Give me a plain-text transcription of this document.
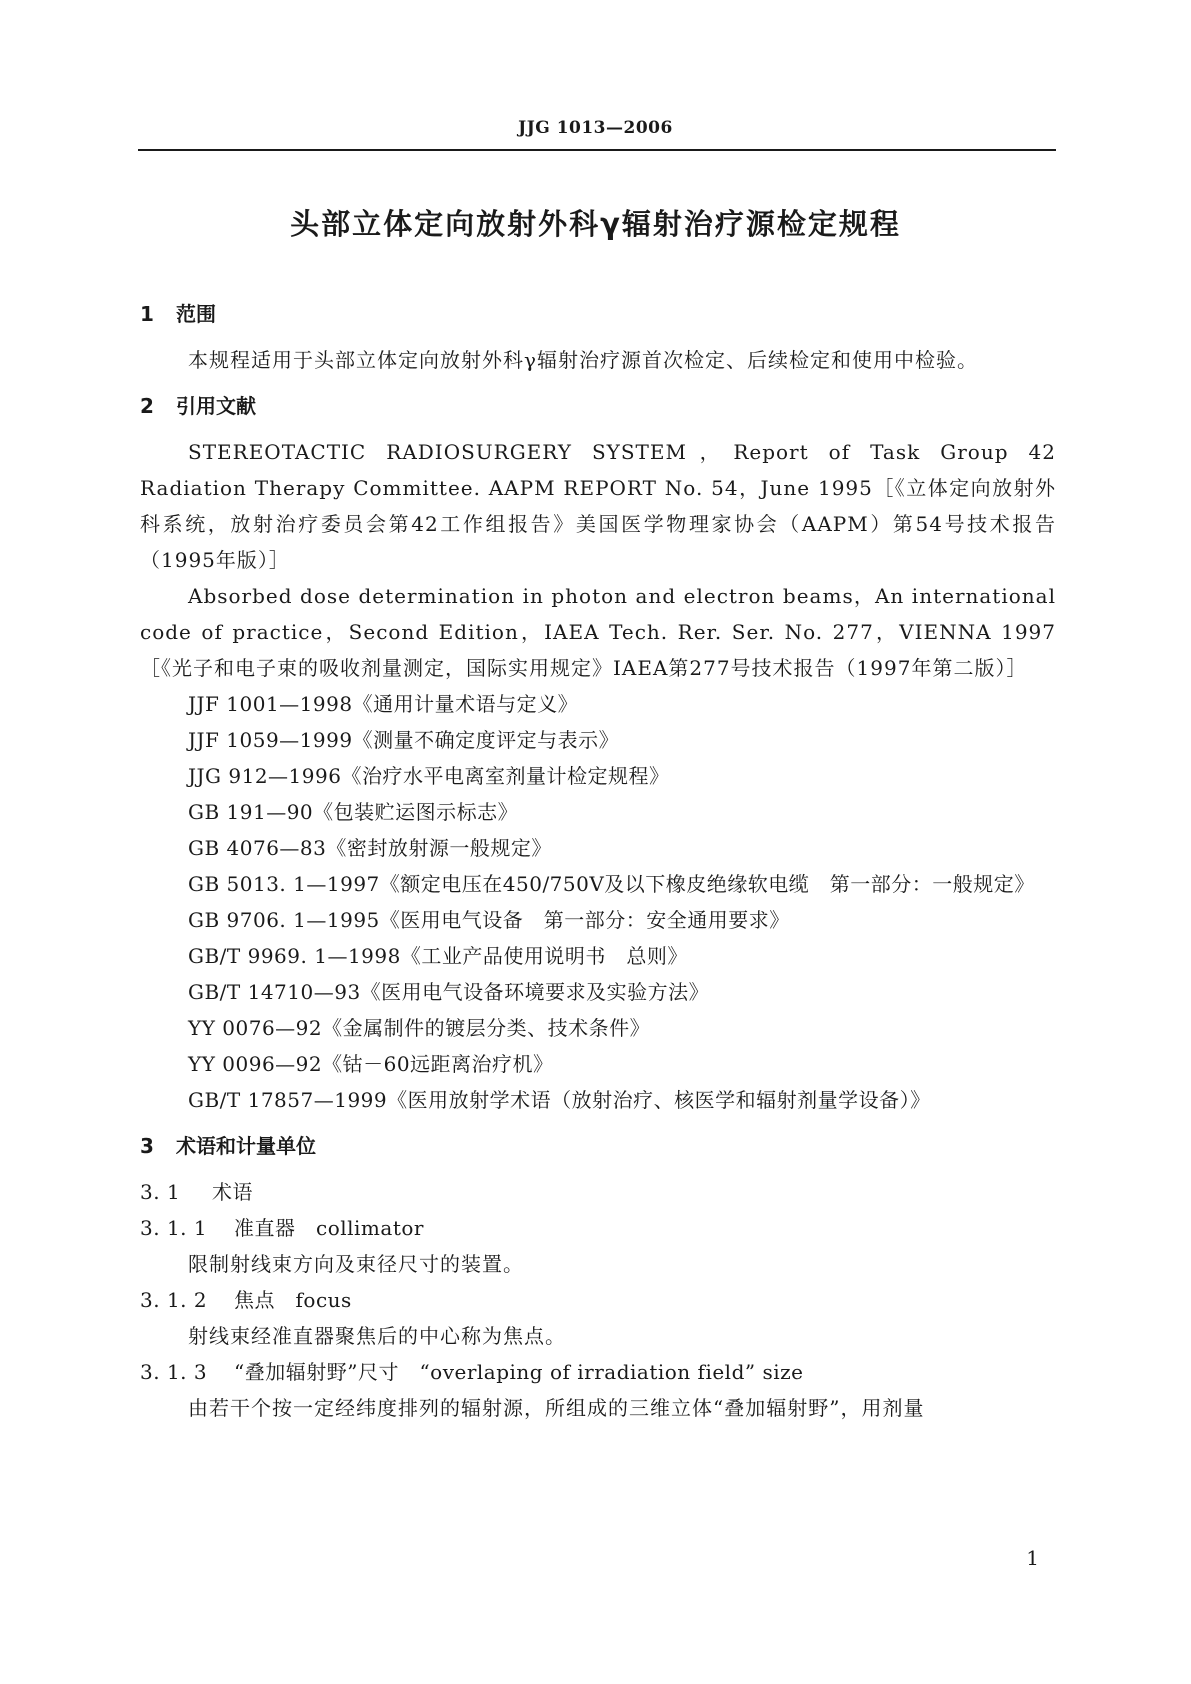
JJG 1013—2006
头部立体定向放射外科γ辐射治疗源检定规程
1 范围

本规程适用于头部立体定向放射外科γ辐射治疗源首次检定、后续检定和使用中检验。

2 引用文献

STEREOTACTIC RADIOSURGERY SYSTEM，Report of Task Group 42 Radiation Therapy Committee. AAPM REPORT No. 54，June 1995［《立体定向放射外科系统，放射治疗委员会第42工作组报告》美国医学物理家协会（AAPM）第54号技术报告（1995年版）］

Absorbed dose determination in photon and electron beams，An international code of practice，Second Edition，IAEA Tech. Rer. Ser. No. 277，VIENNA 1997［《光子和电子束的吸收剂量测定，国际实用规定》IAEA第277号技术报告（1997年第二版）］

JJF 1001—1998《通用计量术语与定义》

JJF 1059—1999《测量不确定度评定与表示》

JJG 912—1996《治疗水平电离室剂量计检定规程》

GB 191—90《包装贮运图示标志》

GB 4076—83《密封放射源一般规定》

GB 5013. 1—1997《额定电压在450/750V及以下橡皮绝缘软电缆　第一部分：一般规定》

GB 9706. 1—1995《医用电气设备　第一部分：安全通用要求》

GB/T 9969. 1—1998《工业产品使用说明书　总则》

GB/T 14710—93《医用电气设备环境要求及实验方法》

YY 0076—92《金属制件的镀层分类、技术条件》

YY 0096—92《钴－60远距离治疗机》

GB/T 17857—1999《医用放射学术语（放射治疗、核医学和辐射剂量学设备）》

3 术语和计量单位

3. 1 术语

3. 1. 1 准直器　collimator

限制射线束方向及束径尺寸的装置。

3. 1. 2 焦点　focus

射线束经准直器聚焦后的中心称为焦点。

3. 1. 3 “叠加辐射野”尺寸　“overlaping of irradiation field” size

由若干个按一定经纬度排列的辐射源，所组成的三维立体“叠加辐射野”，用剂量

1
